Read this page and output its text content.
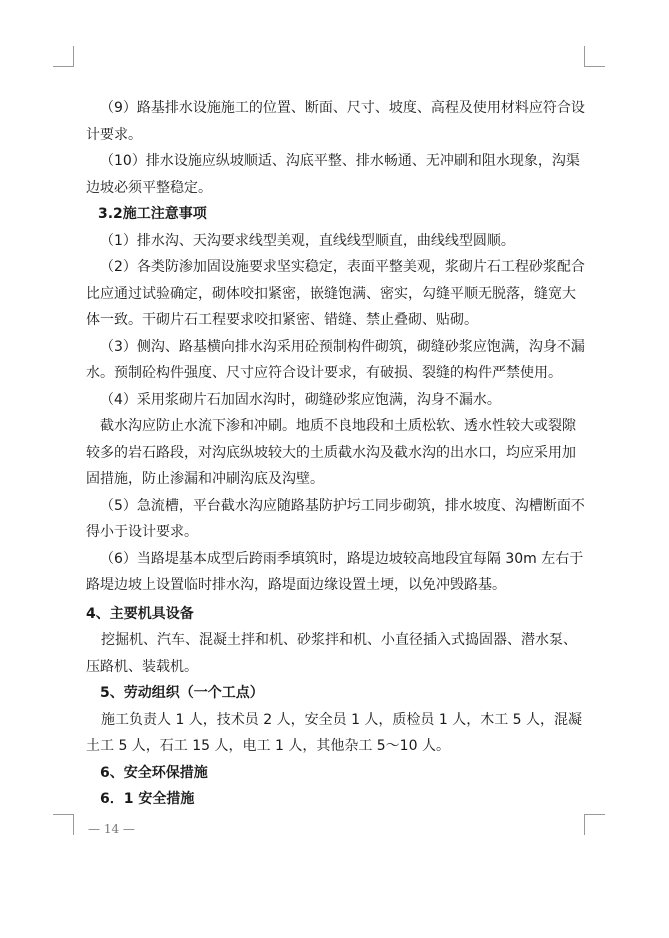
（9）路基排水设施施工的位置、断面、尺寸、坡度、高程及使用材料应符合设计要求。

（10）排水设施应纵坡顺适、沟底平整、排水畅通、无冲刷和阻水现象，沟渠边坡必须平整稳定。

3.2施工注意事项

（1）排水沟、天沟要求线型美观，直线线型顺直，曲线线型圆顺。

（2）各类防渗加固设施要求坚实稳定，表面平整美观，浆砌片石工程砂浆配合比应通过试验确定，砌体咬扣紧密，嵌缝饱满、密实，勾缝平顺无脱落，缝宽大体一致。干砌片石工程要求咬扣紧密、错缝、禁止叠砌、贴砌。

（3）侧沟、路基横向排水沟采用砼预制构件砌筑，砌缝砂浆应饱满，沟身不漏水。预制砼构件强度、尺寸应符合设计要求，有破损、裂缝的构件严禁使用。

（4）采用浆砌片石加固水沟时，砌缝砂浆应饱满，沟身不漏水。

截水沟应防止水流下渗和冲刷。地质不良地段和土质松软、透水性较大或裂隙较多的岩石路段，对沟底纵坡较大的土质截水沟及截水沟的出水口，均应采用加固措施，防止渗漏和冲刷沟底及沟壁。

（5）急流槽，平台截水沟应随路基防护圬工同步砌筑，排水坡度、沟槽断面不得小于设计要求。

（6）当路堤基本成型后跨雨季填筑时，路堤边坡较高地段宜每隔 30m 左右于路堤边坡上设置临时排水沟，路堤面边缘设置土埂，以免冲毁路基。

4、主要机具设备

挖掘机、汽车、混凝土拌和机、砂浆拌和机、小直径插入式捣固器、潜水泵、压路机、装载机。

5、劳动组织（一个工点）

施工负责人 1 人，技术员 2 人，安全员 1 人，质检员 1 人，木工 5 人，混凝土工 5 人，石工 15 人，电工 1 人，其他杂工 5～10 人。

6、安全环保措施

6．1 安全措施

— 14 —
